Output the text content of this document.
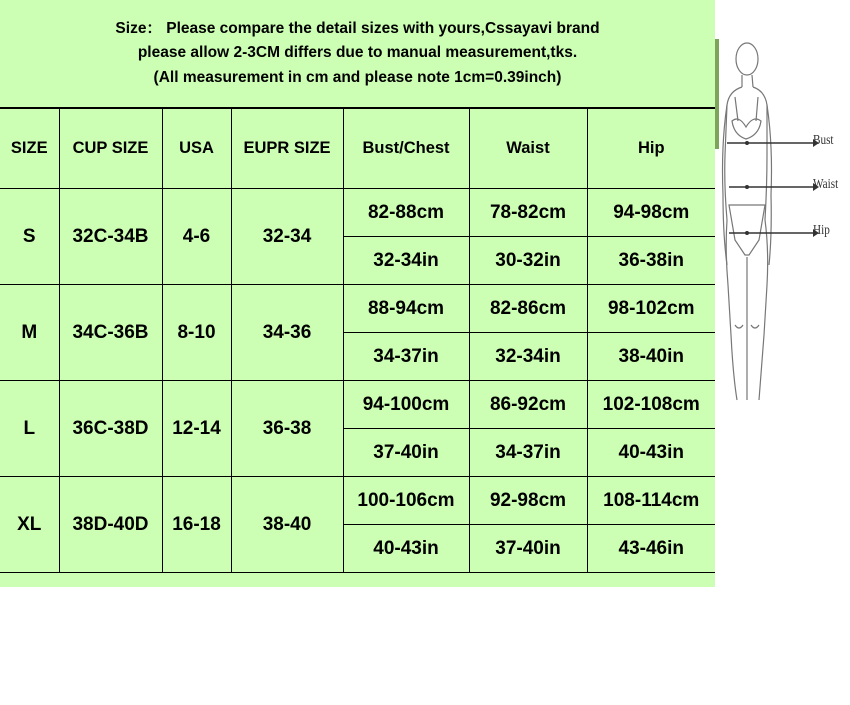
Size： Please compare the detail sizes with yours,Cssayavi brand
please allow 2-3CM differs due to manual measurement,tks.
(All measurement in cm and please note 1cm=0.39inch)
SIZE	CUP SIZE	USA	EUPR SIZE	Bust/Chest	Waist	Hip
S	32C-34B	4-6	32-34	82-88cm	78-82cm	94-98cm
				32-34in	30-32in	36-38in
M	34C-36B	8-10	34-36	88-94cm	82-86cm	98-102cm
				34-37in	32-34in	38-40in
L	36C-38D	12-14	36-38	94-100cm	86-92cm	102-108cm
				37-40in	34-37in	40-43in
XL	38D-40D	16-18	38-40	100-106cm	92-98cm	108-114cm
				40-43in	37-40in	43-46in
Bust
Waist
Hip
